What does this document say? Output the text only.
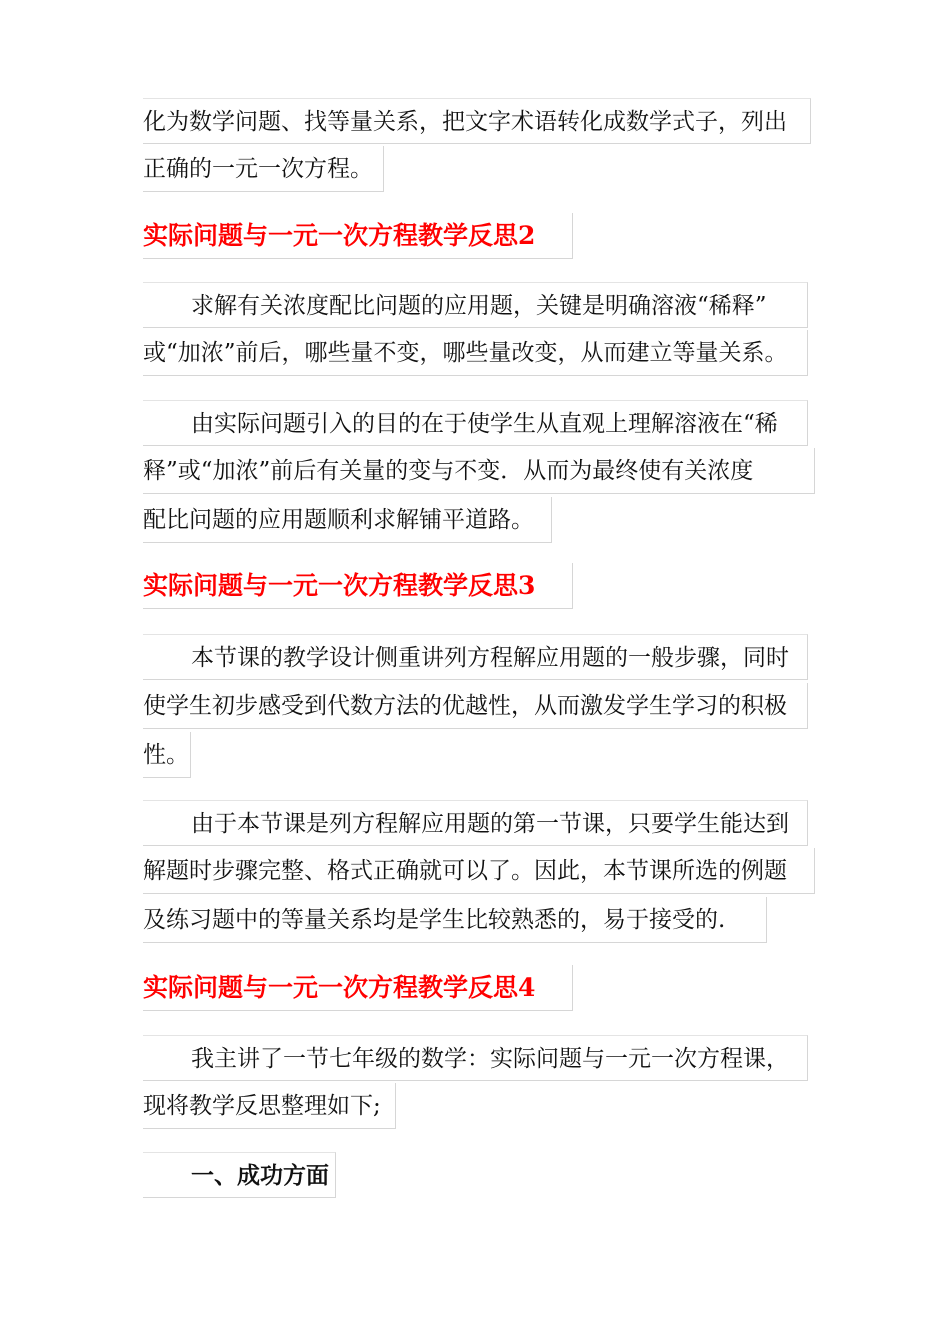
化为数学问题、找等量关系，把文字术语转化成数学式子，列出
正确的一元一次方程。
实际问题与一元一次方程教学反思2
求解有关浓度配比问题的应用题，关键是明确溶液“稀释”
或“加浓”前后，哪些量不变，哪些量改变，从而建立等量关系。
由实际问题引入的目的在于使学生从直观上理解溶液在“稀
释”或“加浓”前后有关量的变与不变．从而为最终使有关浓度
配比问题的应用题顺利求解铺平道路。
实际问题与一元一次方程教学反思3
本节课的教学设计侧重讲列方程解应用题的一般步骤，同时
使学生初步感受到代数方法的优越性，从而激发学生学习的积极
性。
由于本节课是列方程解应用题的第一节课，只要学生能达到
解题时步骤完整、格式正确就可以了。因此，本节课所选的例题
及练习题中的等量关系均是学生比较熟悉的，易于接受的.
实际问题与一元一次方程教学反思4
我主讲了一节七年级的数学：实际问题与一元一次方程课，
现将教学反思整理如下;
一、成功方面
